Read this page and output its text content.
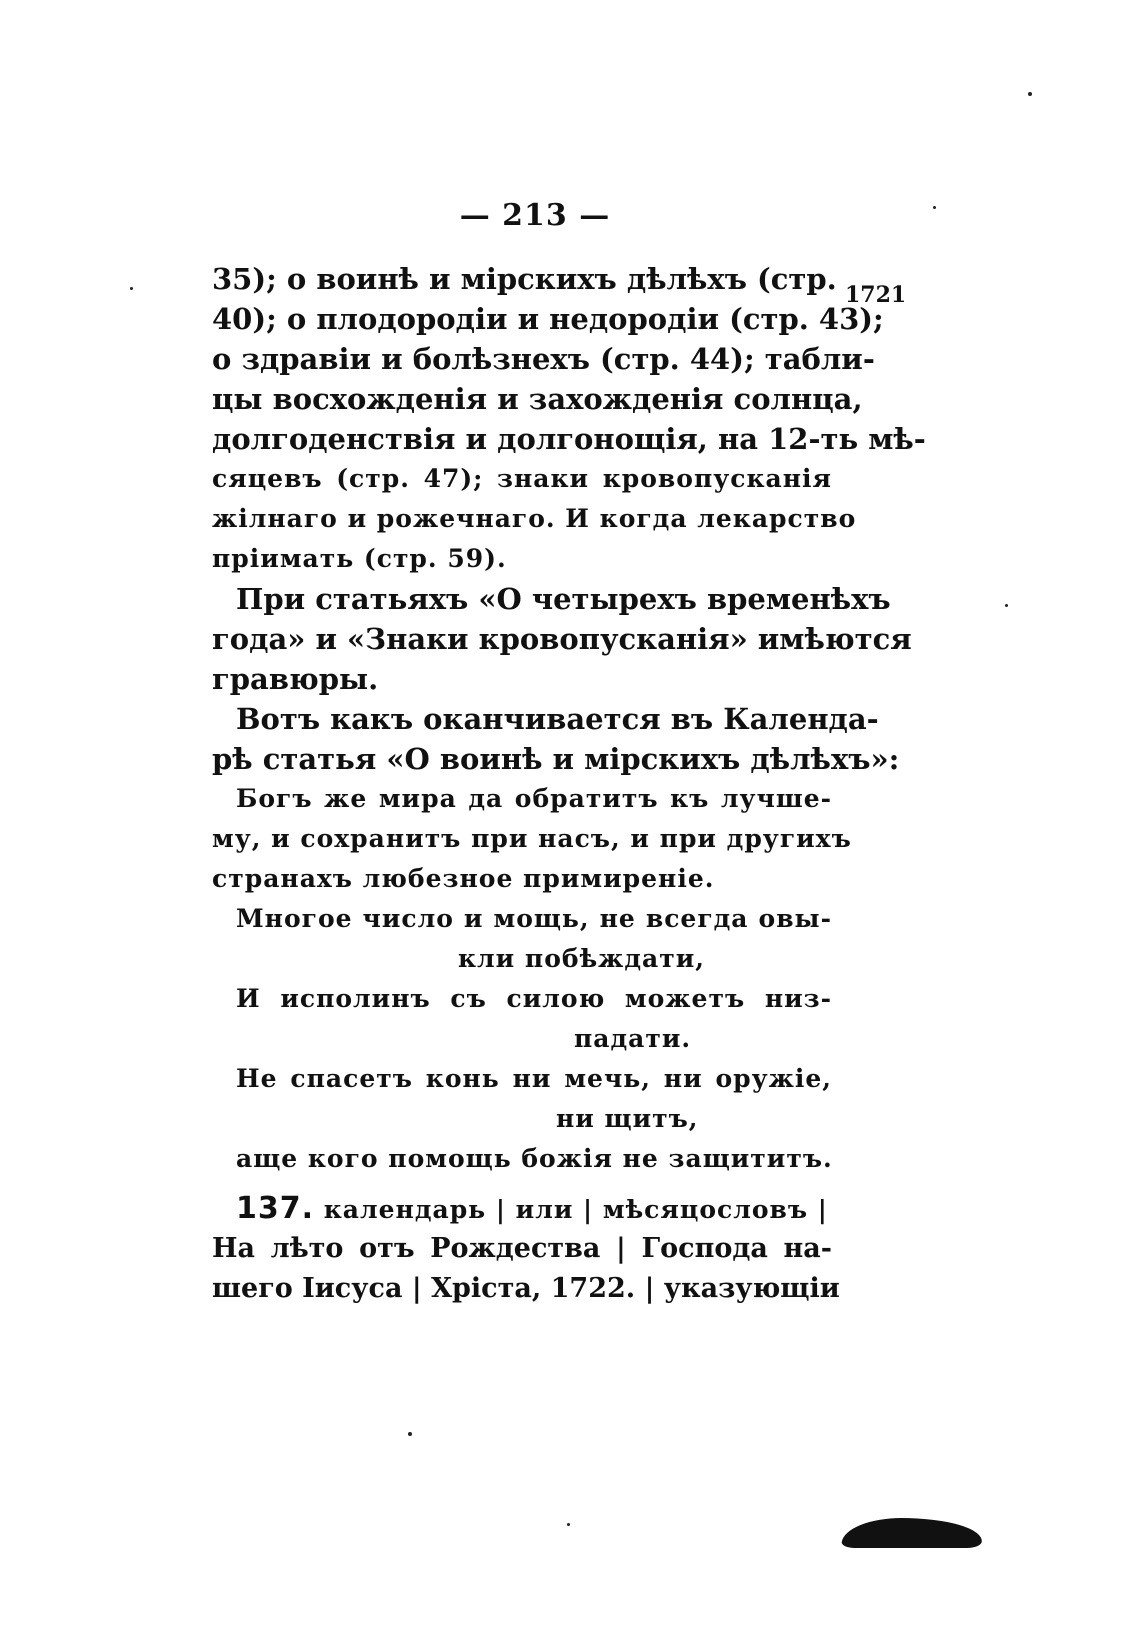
— 213 —
1721
35); о воинѣ и мірскихъ дѣлѣхъ (стр.
40); о плодородіи и недородіи (стр. 43);
о здравіи и болѣзнехъ (стр. 44); табли-
цы восхожденія и захожденія солнца,
долгоденствія и долгонощія, на 12-ть мѣ-
сяцевъ (стр. 47); знаки кровопусканія
жілнаго и рожечнаго. И когда лекарство
пріимать (стр. 59).
При статьяхъ «О четырехъ временѣхъ
года» и «Знаки кровопусканія» имѣются
гравюры.
Вотъ какъ оканчивается въ Календа-
рѣ статья «О воинѣ и мірскихъ дѣлѣхъ»:
Богъ же мира да обратитъ къ лучше-
му, и сохранитъ при насъ, и при другихъ
странахъ любезное примиреніе.
Многое число и мощь, не всегда овы-
кли побѣждати,
И исполинъ съ силою можетъ низ-
падати.
Не спасетъ конь ни мечь, ни оружіе,
ни щитъ,
аще кого помощь божія не защититъ.
137. календарь | или | мѣсяцословъ |
На лѣто отъ Рождества | Господа на-
шего Іисуса | Хріста, 1722. | указующіи
